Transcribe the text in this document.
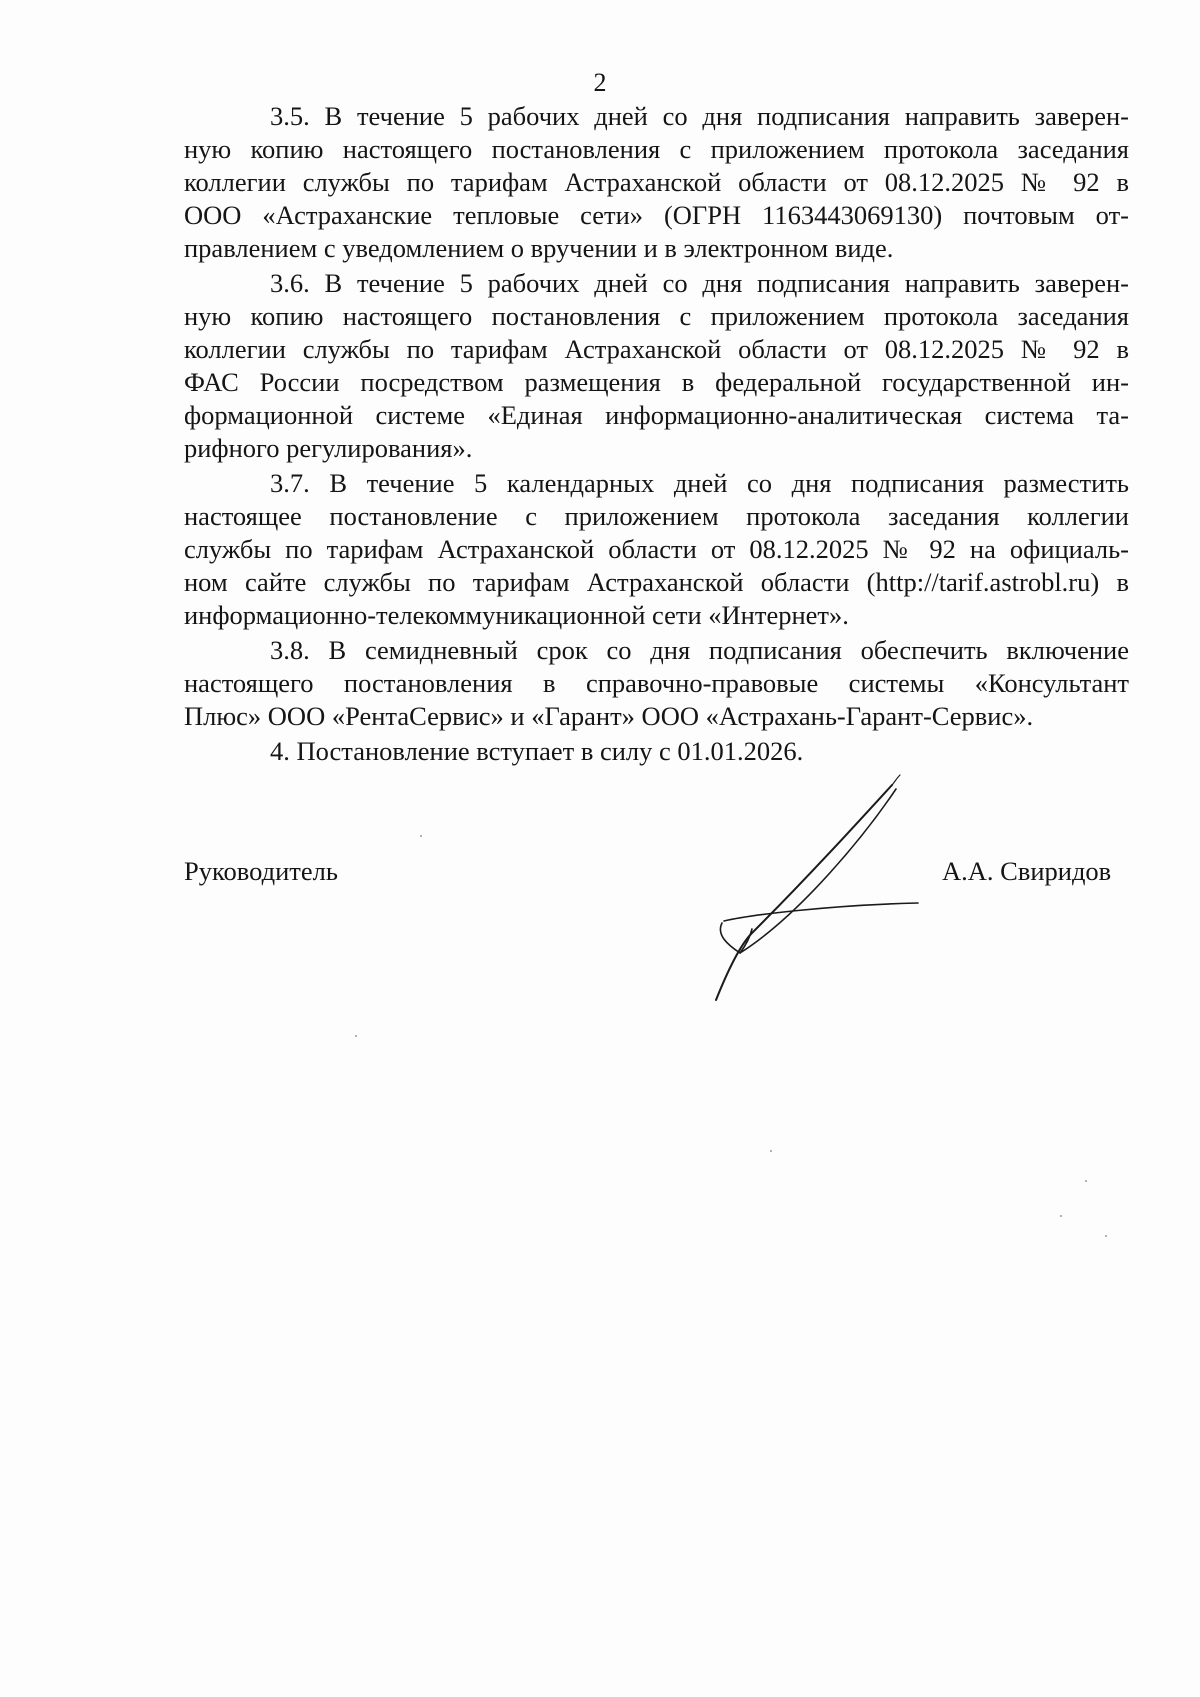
2
3.5. В течение 5 рабочих дней со дня подписания направить заверен-
ную копию настоящего постановления с приложением протокола заседания
коллегии службы по тарифам Астраханской области от 08.12.2025 № 92 в
ООО «Астраханские тепловые сети» (ОГРН 1163443069130) почтовым от-
правлением с уведомлением о вручении и в электронном виде.
3.6. В течение 5 рабочих дней со дня подписания направить заверен-
ную копию настоящего постановления с приложением протокола заседания
коллегии службы по тарифам Астраханской области от 08.12.2025 № 92 в
ФАС России посредством размещения в федеральной государственной ин-
формационной системе «Единая информационно-аналитическая система та-
рифного регулирования».
3.7. В течение 5 календарных дней со дня подписания разместить
настоящее постановление с приложением протокола заседания коллегии
службы по тарифам Астраханской области от 08.12.2025 № 92 на официаль-
ном сайте службы по тарифам Астраханской области (http://tarif.astrobl.ru) в
информационно-телекоммуникационной сети «Интернет».
3.8. В семидневный срок со дня подписания обеспечить включение
настоящего постановления в справочно-правовые системы «Консультант
Плюс» ООО «РентаСервис» и «Гарант» ООО «Астрахань-Гарант-Сервис».
4. Постановление вступает в силу с 01.01.2026.
Руководитель	А.А. Свиридов
